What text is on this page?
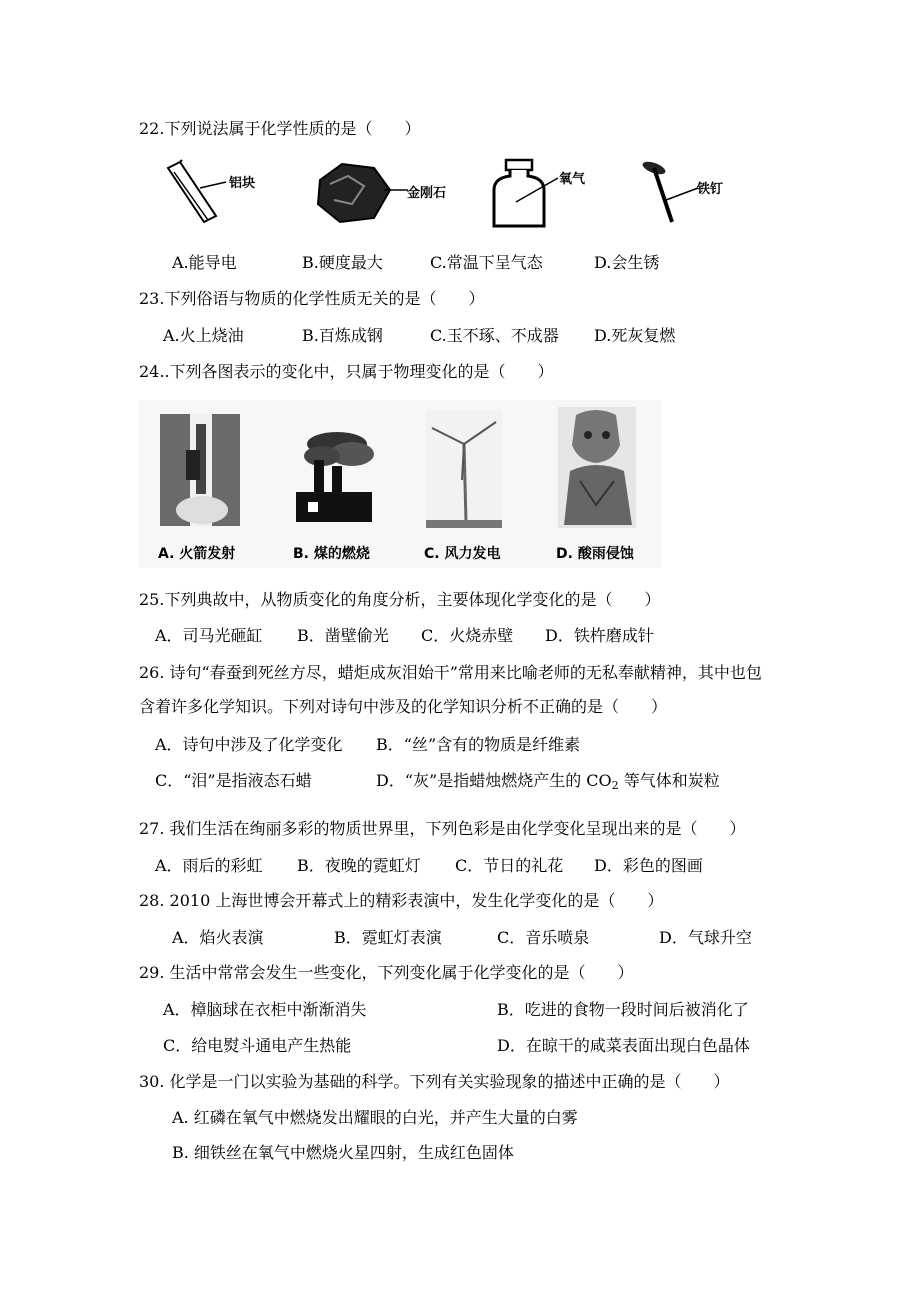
22.下列说法属于化学性质的是（　　）
铝块
金刚石
氧气
铁钉
A.能导电	B.硬度最大	C.常温下呈气态	D.会生锈
23.下列俗语与物质的化学性质无关的是（　　）
A.火上烧油	B.百炼成钢	C.玉不琢、不成器 D.死灰复燃
24..下列各图表示的变化中，只属于物理变化的是（　　）
A. 火箭发射	B. 煤的燃烧	C. 风力发电	D. 酸雨侵蚀
25.下列典故中，从物质变化的角度分析，主要体现化学变化的是（　　）
A．司马光砸缸 B．凿壁偷光 C．火烧赤壁 D．铁杵磨成针
26. 诗句“春蚕到死丝方尽，蜡炬成灰泪始干”常用来比喻老师的无私奉献精神，其中也包
含着许多化学知识。下列对诗句中涉及的化学知识分析不正确的是（　　）
A．诗句中涉及了化学变化 B．“丝”含有的物质是纤维素
C．“泪”是指液态石蜡	D．“灰”是指蜡烛燃烧产生的 $CO_2$ 等气体和炭粒
27. 我们生活在绚丽多彩的物质世界里，下列色彩是由化学变化呈现出来的是（　　）
A．雨后的彩虹 B．夜晚的霓虹灯 C．节日的礼花 D．彩色的图画
28. 2010 上海世博会开幕式上的精彩表演中，发生化学变化的是（　　）
A．焰火表演	B．霓虹灯表演	C．音乐喷泉	D．气球升空
29. 生活中常常会发生一些变化，下列变化属于化学变化的是（　　）
A．樟脑球在衣柜中渐渐消失	B．吃进的食物一段时间后被消化了
C．给电熨斗通电产生热能	D．在晾干的咸菜表面出现白色晶体
30. 化学是一门以实验为基础的科学。下列有关实验现象的描述中正确的是（　　）
A. 红磷在氧气中燃烧发出耀眼的白光，并产生大量的白雾
B. 细铁丝在氧气中燃烧火星四射，生成红色固体
